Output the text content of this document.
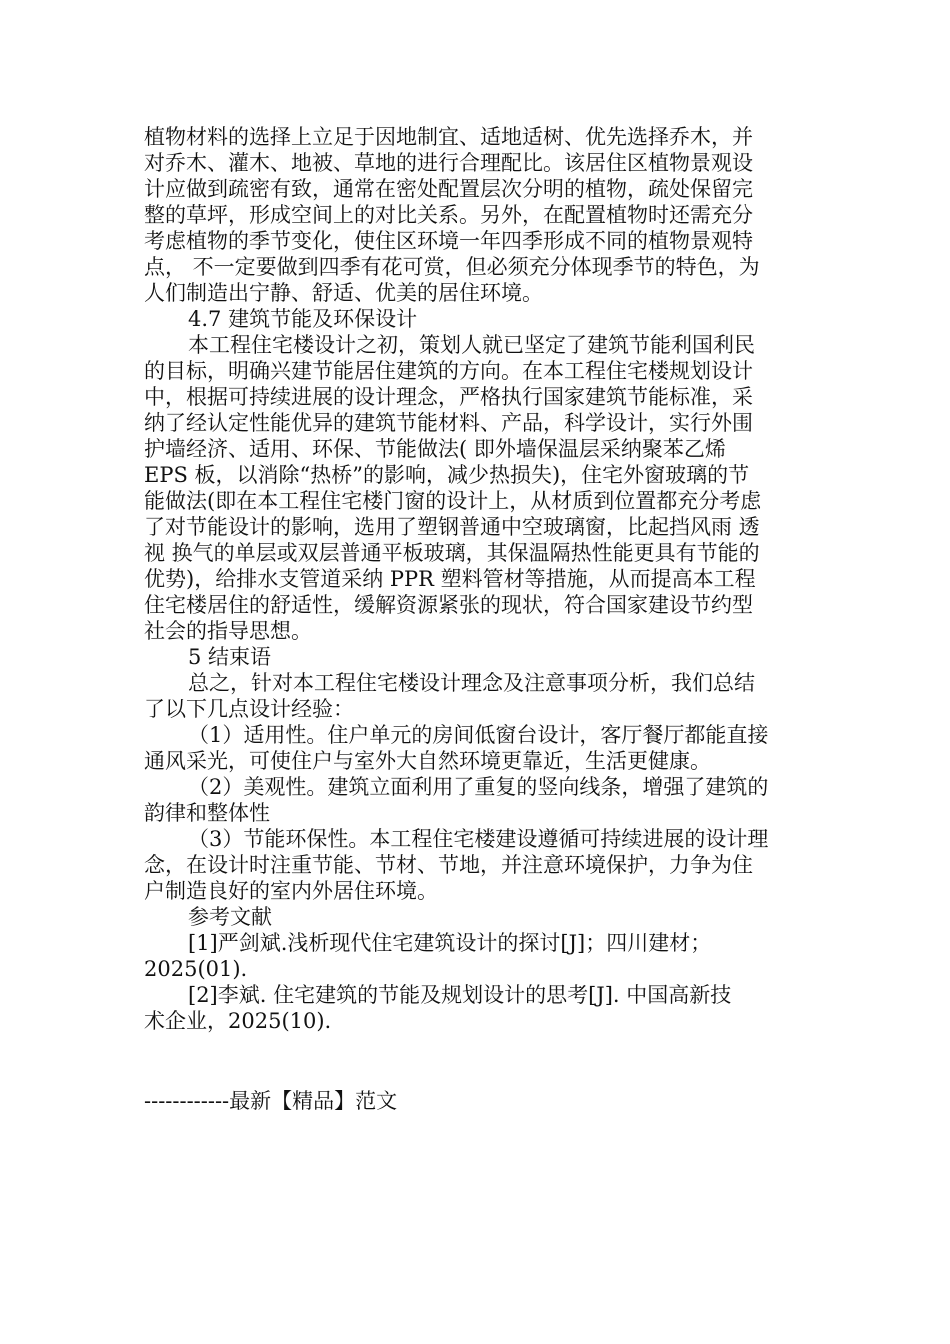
植物材料的选择上立足于因地制宜、适地适树、优先选择乔木，并
对乔木、灌木、地被、草地的进行合理配比。该居住区植物景观设
计应做到疏密有致，通常在密处配置层次分明的植物，疏处保留完
整的草坪，形成空间上的对比关系。另外，在配置植物时还需充分
考虑植物的季节变化，使住区环境一年四季形成不同的植物景观特
点， 不一定要做到四季有花可赏，但必须充分体现季节的特色，为
人们制造出宁静、舒适、优美的居住环境。
4.7 建筑节能及环保设计
本工程住宅楼设计之初，策划人就已坚定了建筑节能利国利民
的目标，明确兴建节能居住建筑的方向。在本工程住宅楼规划设计
中，根据可持续进展的设计理念，严格执行国家建筑节能标准，采
纳了经认定性能优异的建筑节能材料、产品，科学设计，实行外围
护墙经济、适用、环保、节能做法( 即外墙保温层采纳聚苯乙烯
EPS 板，以消除“热桥”的影响，减少热损失)，住宅外窗玻璃的节
能做法(即在本工程住宅楼门窗的设计上，从材质到位置都充分考虑
了对节能设计的影响，选用了塑钢普通中空玻璃窗，比起挡风雨 透
视 换气的单层或双层普通平板玻璃，其保温隔热性能更具有节能的
优势)，给排水支管道采纳 PPR 塑料管材等措施，从而提高本工程
住宅楼居住的舒适性，缓解资源紧张的现状，符合国家建设节约型
社会的指导思想。
5 结束语
总之，针对本工程住宅楼设计理念及注意事项分析，我们总结
了以下几点设计经验：
（1）适用性。住户单元的房间低窗台设计，客厅餐厅都能直接
通风采光，可使住户与室外大自然环境更靠近，生活更健康。
（2）美观性。建筑立面利用了重复的竖向线条，增强了建筑的
韵律和整体性
（3）节能环保性。本工程住宅楼建设遵循可持续进展的设计理
念，在设计时注重节能、节材、节地，并注意环境保护，力争为住
户制造良好的室内外居住环境。
参考文献
[1]严剑斌.浅析现代住宅建筑设计的探讨[J]；四川建材；
2025(01).
[2]李斌. 住宅建筑的节能及规划设计的思考[J]. 中国高新技
术企业，2025(10).
------------最新【精品】范文
